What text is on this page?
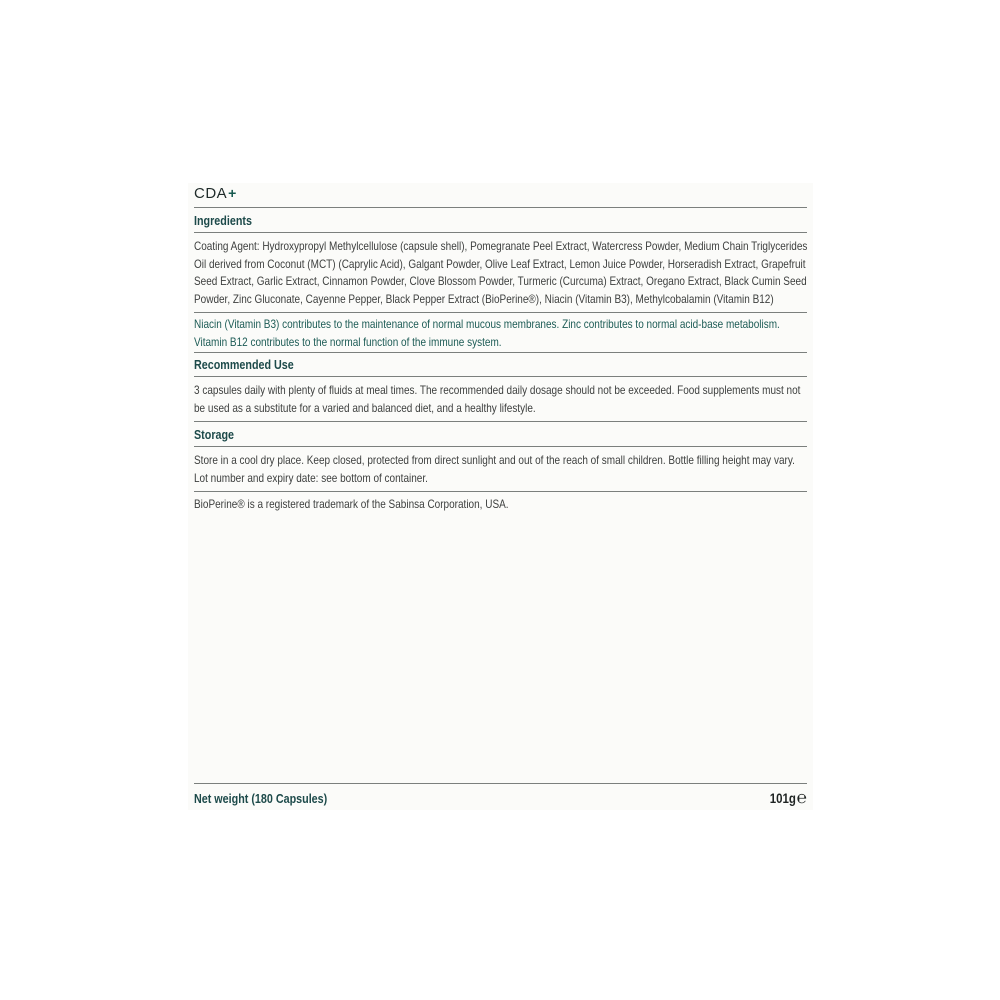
CDA+
Ingredients

Coating Agent: Hydroxypropyl Methylcellulose (capsule shell), Pomegranate Peel Extract, Watercress Powder, Medium Chain Triglycerides Oil derived from Coconut (MCT) (Caprylic Acid), Galgant Powder, Olive Leaf Extract, Lemon Juice Powder, Horseradish Extract, Grapefruit Seed Extract, Garlic Extract, Cinnamon Powder, Clove Blossom Powder, Turmeric (Curcuma) Extract, Oregano Extract, Black Cumin Seed Powder, Zinc Gluconate, Cayenne Pepper, Black Pepper Extract (BioPerine®), Niacin (Vitamin B3), Methylcobalamin (Vitamin B12)

Niacin (Vitamin B3) contributes to the maintenance of normal mucous membranes. Zinc contributes to normal acid-base metabolism. Vitamin B12 contributes to the normal function of the immune system.

Recommended Use

3 capsules daily with plenty of fluids at meal times. The recommended daily dosage should not be exceeded. Food supplements must not be used as a substitute for a varied and balanced diet, and a healthy lifestyle.

Storage

Store in a cool dry place. Keep closed, protected from direct sunlight and out of the reach of small children. Bottle filling height may vary. Lot number and expiry date: see bottom of container.

BioPerine® is a registered trademark of the Sabinsa Corporation, USA.

Net weight (180 Capsules)	101g ℮
